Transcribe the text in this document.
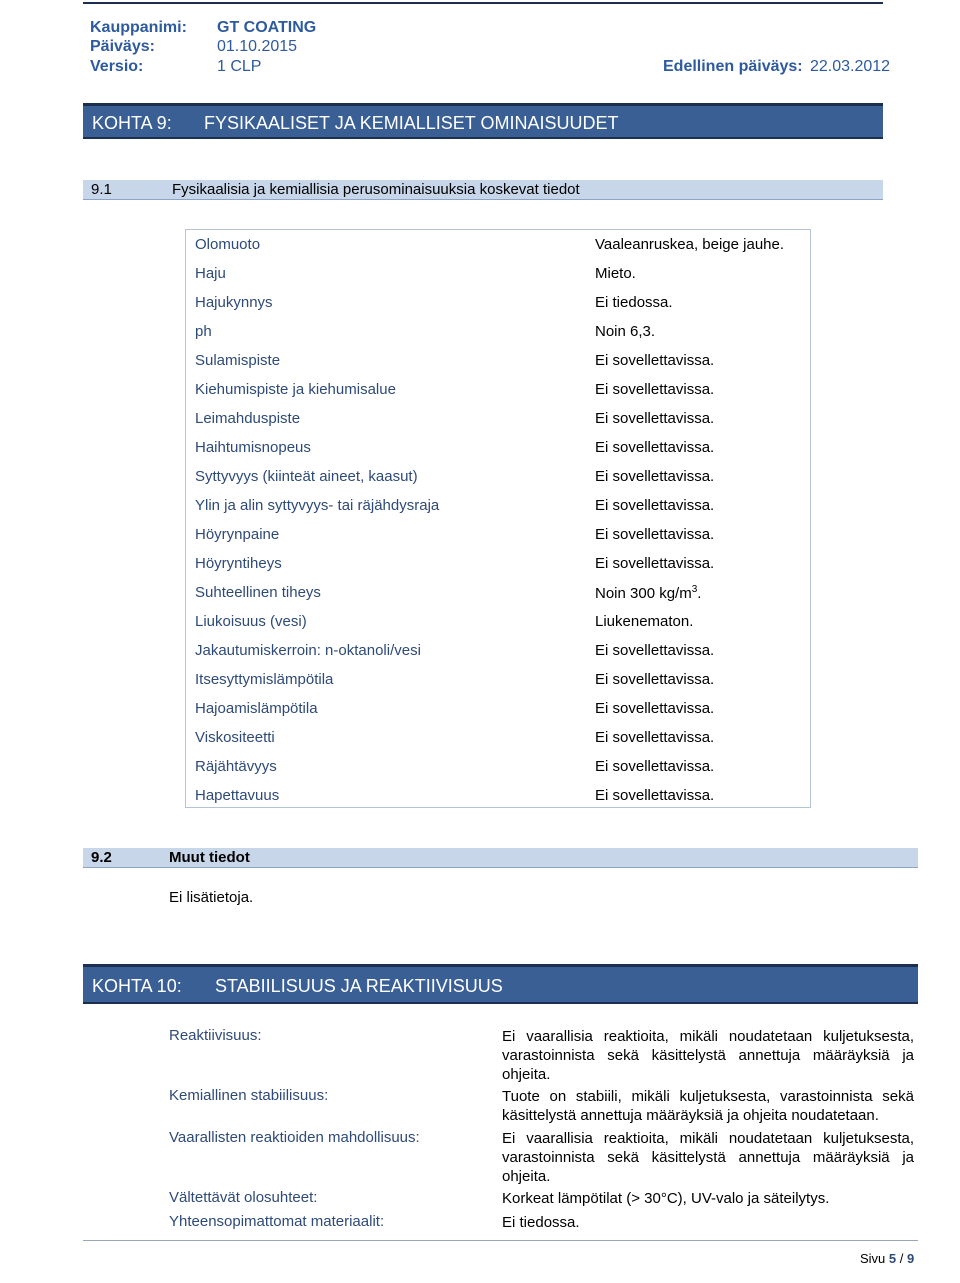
Kauppanimi: GT COATING
Päiväys:	01.10.2015
Versio:	1 CLP	Edellinen päiväys: 22.03.2012
KOHTA 9: FYSIKAALISET JA KEMIALLISET OMINAISUUDET
9.1	Fysikaalisia ja kemiallisia perusominaisuuksia koskevat tiedot
Olomuoto	Vaaleanruskea, beige jauhe.
Haju	Mieto.
Hajukynnys	Ei tiedossa.
ph	Noin 6,3.
Sulamispiste	Ei sovellettavissa.
Kiehumispiste ja kiehumisalue	Ei sovellettavissa.
Leimahduspiste	Ei sovellettavissa.
Haihtumisnopeus	Ei sovellettavissa.
Syttyvyys (kiinteät aineet, kaasut)	Ei sovellettavissa.
Ylin ja alin syttyvyys- tai räjähdysraja	Ei sovellettavissa.
Höyrynpaine	Ei sovellettavissa.
Höyryntiheys	Ei sovellettavissa.
Suhteellinen tiheys	Noin 300 $kg/m^3$.
Liukoisuus (vesi)	Liukenematon.
Jakautumiskerroin: n-oktanoli/vesi	Ei sovellettavissa.
Itsesyttymislämpötila	Ei sovellettavissa.
Hajoamislämpötila	Ei sovellettavissa.
Viskositeetti	Ei sovellettavissa.
Räjähtävyys	Ei sovellettavissa.
Hapettavuus	Ei sovellettavissa.
9.2	Muut tiedot
Ei lisätietoja.
KOHTA 10: STABIILISUUS JA REAKTIIVISUUS
Reaktiivisuus:	Ei vaarallisia reaktioita, mikäli noudatetaan kuljetuksesta, varastoinnista sekä käsittelystä annettuja määräyksiä ja ohjeita.
Kemiallinen stabiilisuus:	Tuote on stabiili, mikäli kuljetuksesta, varastoinnista sekä käsittelystä annettuja määräyksiä ja ohjeita noudatetaan.
Vaarallisten reaktioiden mahdollisuus:	Ei vaarallisia reaktioita, mikäli noudatetaan kuljetuksesta, varastoinnista sekä käsittelystä annettuja määräyksiä ja ohjeita.
Vältettävät olosuhteet:	Korkeat lämpötilat (> 30°C), UV-valo ja säteilytys.
Yhteensopimattomat materiaalit:	Ei tiedossa.
Sivu 5 / 9
